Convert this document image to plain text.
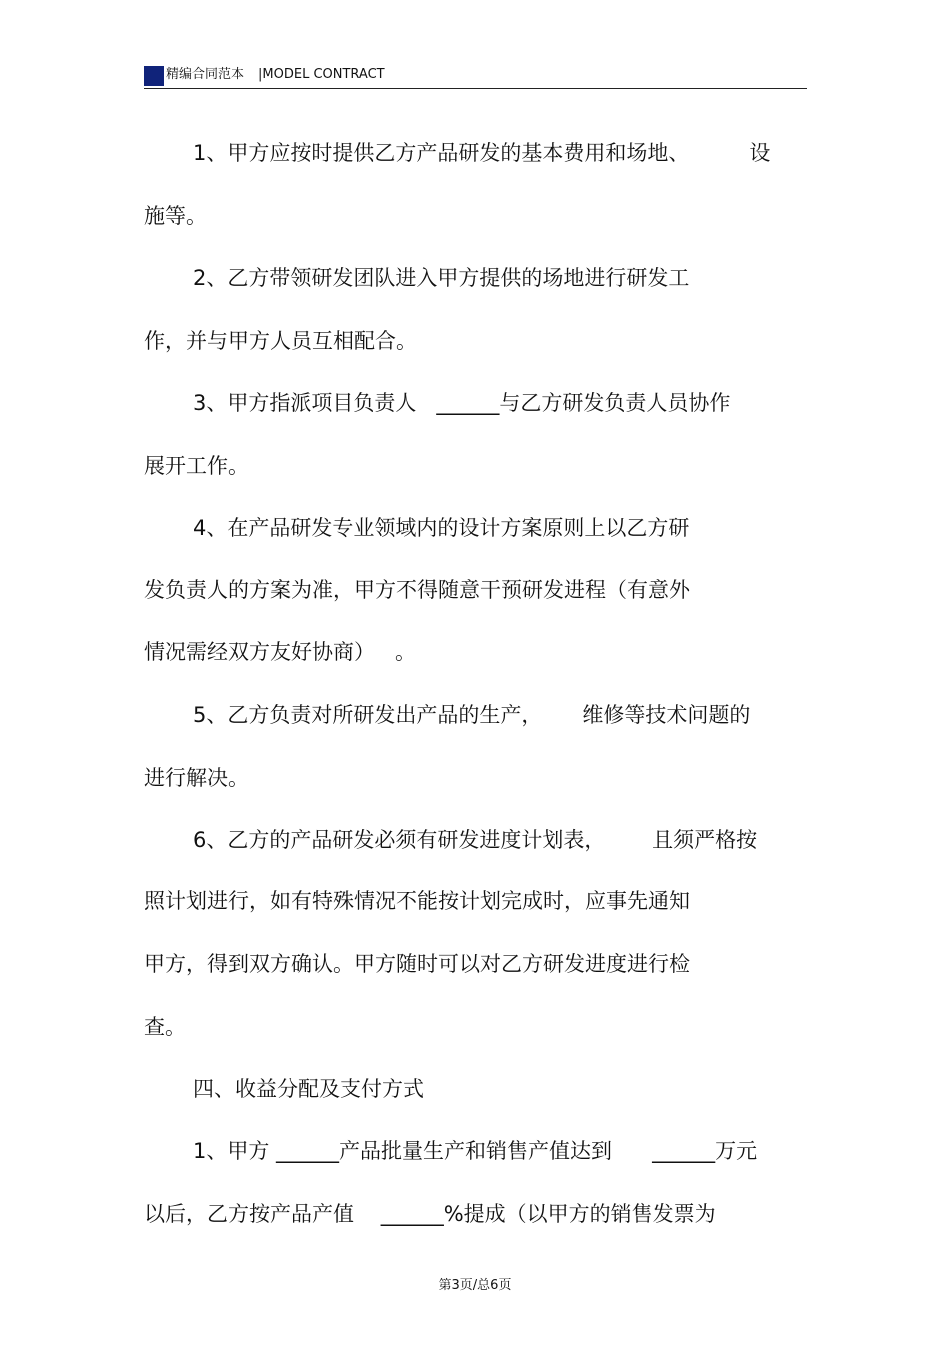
精编合同范本 |MODEL CONTRACT
1、甲方应按时提供乙方产品研发的基本费用和场地、         设
施等。
2、乙方带领研发团队进入甲方提供的场地进行研发工
作，并与甲方人员互相配合。
3、甲方指派项目负责人   ______与乙方研发负责人员协作
展开工作。
4、在产品研发专业领域内的设计方案原则上以乙方研
发负责人的方案为准，甲方不得随意干预研发进程（有意外
情况需经双方友好协商）   。
5、乙方负责对所研发出产品的生产，      维修等技术问题的
进行解决。
6、乙方的产品研发必须有研发进度计划表，       且须严格按
照计划进行，如有特殊情况不能按计划完成时，应事先通知
甲方，得到双方确认。甲方随时可以对乙方研发进度进行检
查。
四、收益分配及支付方式
1、甲方 ______产品批量生产和销售产值达到      ______万元
以后，乙方按产品产值    ______%提成（以甲方的销售发票为
第3页/总6页
